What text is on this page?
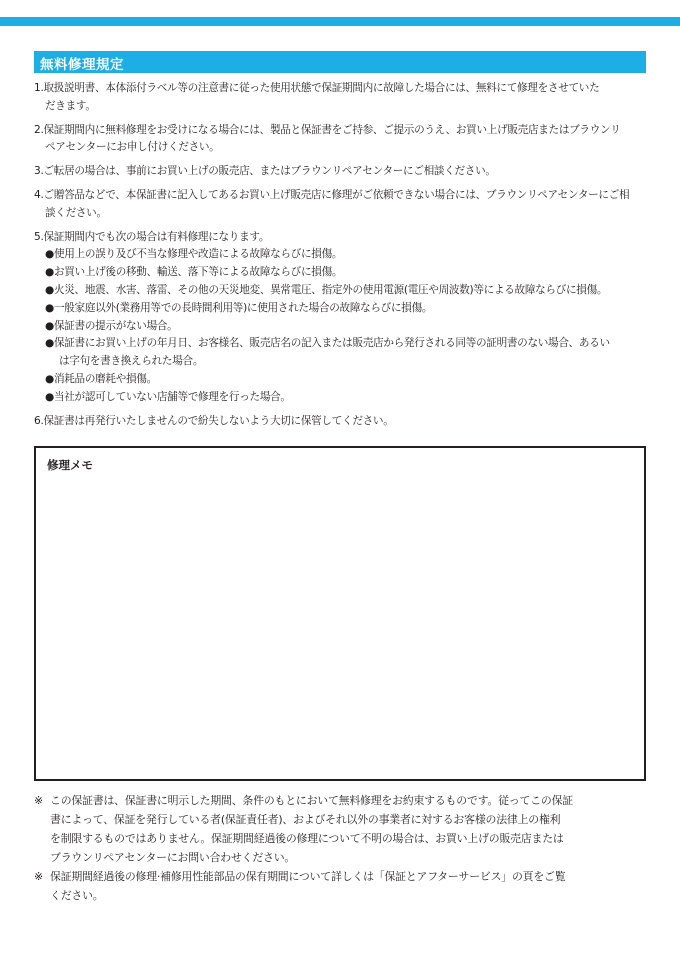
無料修理規定
1.取扱説明書、本体添付ラベル等の注意書に従った使用状態で保証期間内に故障した場合には、無料にて修理をさせていた
だきます。
2.保証期間内に無料修理をお受けになる場合には、製品と保証書をご持参、ご提示のうえ、お買い上げ販売店またはブラウンリ
ペアセンターにお申し付けください。
3.ご転居の場合は、事前にお買い上げの販売店、またはブラウンリペアセンターにご相談ください。
4.ご贈答品などで、本保証書に記入してあるお買い上げ販売店に修理がご依頼できない場合には、ブラウンリペアセンターにご相
談ください。
5.保証期間内でも次の場合は有料修理になります。
●使用上の誤り及び不当な修理や改造による故障ならびに損傷。
●お買い上げ後の移動、輸送、落下等による故障ならびに損傷。
●火災、地震、水害、落雷、その他の天災地変、異常電圧、指定外の使用電源(電圧や周波数)等による故障ならびに損傷。
●一般家庭以外(業務用等での長時間利用等)に使用された場合の故障ならびに損傷。
●保証書の提示がない場合。
●保証書にお買い上げの年月日、お客様名、販売店名の記入または販売店から発行される同等の証明書のない場合、あるい
は字句を書き換えられた場合。
●消耗品の磨耗や損傷。
●当社が認可していない店舗等で修理を行った場合。
6.保証書は再発行いたしませんので紛失しないよう大切に保管してください。
修理メモ
※ この保証書は、保証書に明示した期間、条件のもとにおいて無料修理をお約束するものです。従ってこの保証
書によって、保証を発行している者(保証責任者)、およびそれ以外の事業者に対するお客様の法律上の権利
を制限するものではありません。保証期間経過後の修理について不明の場合は、お買い上げの販売店または
ブラウンリペアセンターにお問い合わせください。
※ 保証期間経過後の修理·補修用性能部品の保有期間について詳しくは「保証とアフターサービス」の頁をご覧
ください。
